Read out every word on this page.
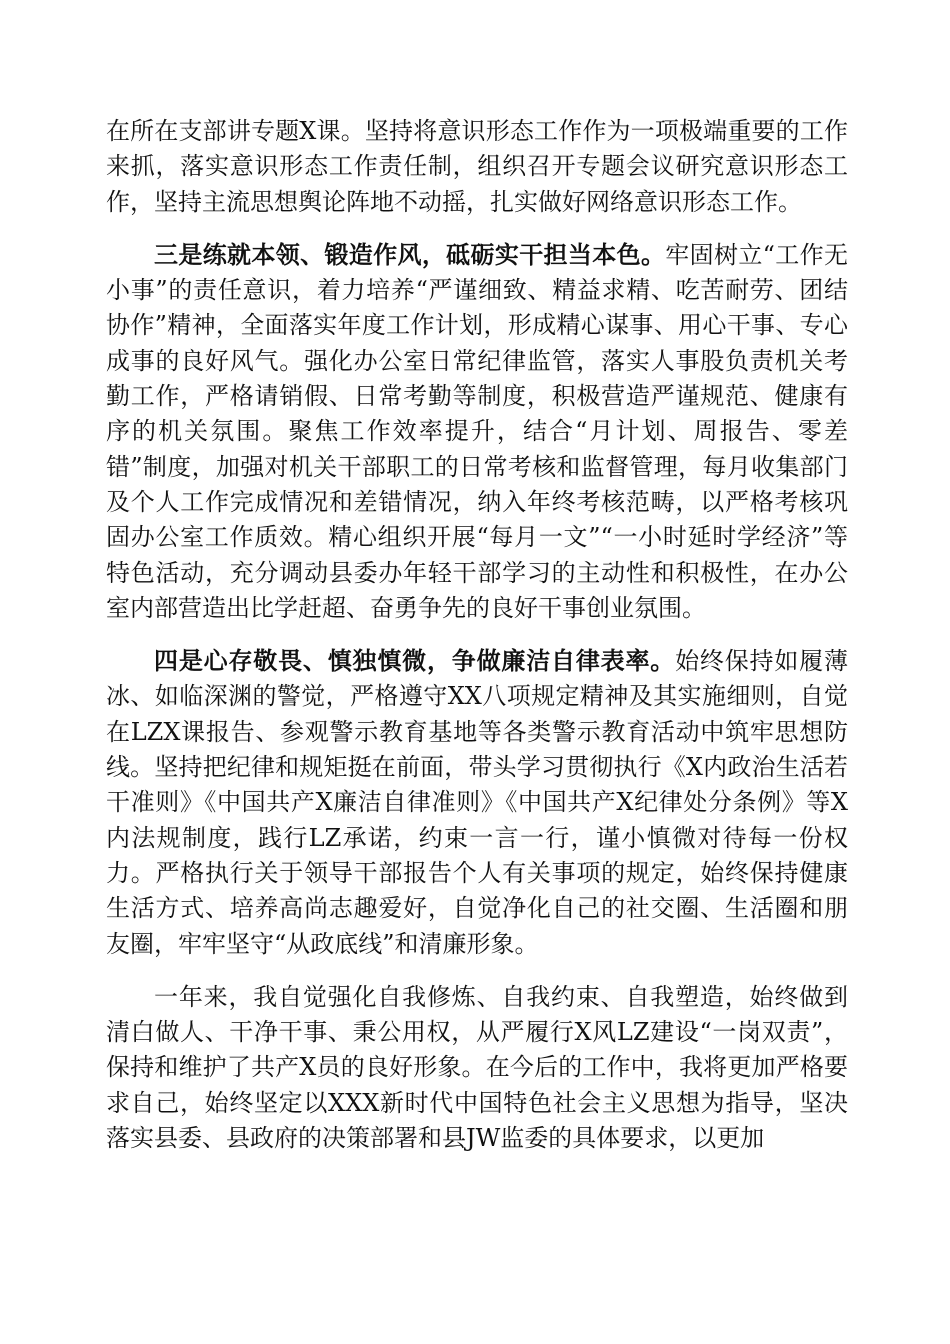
在所在支部讲专题X课。坚持将意识形态工作作为一项极端重要的工作来抓，落实意识形态工作责任制，组织召开专题会议研究意识形态工作，坚持主流思想舆论阵地不动摇，扎实做好网络意识形态工作。

三是练就本领、锻造作风，砥砺实干担当本色。牢固树立“工作无小事”的责任意识，着力培养“严谨细致、精益求精、吃苦耐劳、团结协作”精神，全面落实年度工作计划，形成精心谋事、用心干事、专心成事的良好风气。强化办公室日常纪律监管，落实人事股负责机关考勤工作，严格请销假、日常考勤等制度，积极营造严谨规范、健康有序的机关氛围。聚焦工作效率提升，结合“月计划、周报告、零差错”制度，加强对机关干部职工的日常考核和监督管理，每月收集部门及个人工作完成情况和差错情况，纳入年终考核范畴，以严格考核巩固办公室工作质效。精心组织开展“每月一文”“一小时延时学经济”等特色活动，充分调动县委办年轻干部学习的主动性和积极性，在办公室内部营造出比学赶超、奋勇争先的良好干事创业氛围。

四是心存敬畏、慎独慎微，争做廉洁自律表率。始终保持如履薄冰、如临深渊的警觉，严格遵守XX八项规定精神及其实施细则，自觉在LZX课报告、参观警示教育基地等各类警示教育活动中筑牢思想防线。坚持把纪律和规矩挺在前面，带头学习贯彻执行《X内政治生活若干准则》《中国共产X廉洁自律准则》《中国共产X纪律处分条例》等X内法规制度，践行LZ承诺，约束一言一行，谨小慎微对待每一份权力。严格执行关于领导干部报告个人有关事项的规定，始终保持健康生活方式、培养高尚志趣爱好，自觉净化自己的社交圈、生活圈和朋友圈，牢牢坚守“从政底线”和清廉形象。

一年来，我自觉强化自我修炼、自我约束、自我塑造，始终做到清白做人、干净干事、秉公用权，从严履行X风LZ建设“一岗双责”，保持和维护了共产X员的良好形象。在今后的工作中，我将更加严格要求自己，始终坚定以XXX新时代中国特色社会主义思想为指导，坚决落实县委、县政府的决策部署和县JW监委的具体要求，以更加
